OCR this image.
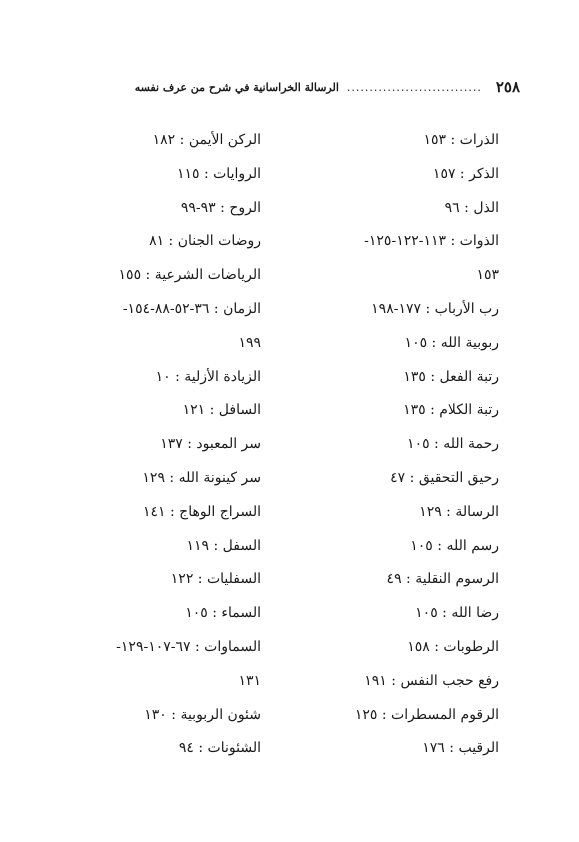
٢٥٨
..............................
الرسالة الخراسانية في شرح من عرف نفسه
الذرات : ١٥٣
الذكر : ١٥٧
الذل : ٩٦
الذوات : ١١٣-١٢٢-١٢٥-
١٥٣
رب الأرباب : ١٧٧-١٩٨
ربوبية الله : ١٠٥
رتبة الفعل : ١٣٥
رتبة الكلام : ١٣٥
رحمة الله : ١٠٥
رحيق التحقيق : ٤٧
الرسالة : ١٢٩
رسم الله : ١٠٥
الرسوم النقلية : ٤٩
رضا الله : ١٠٥
الرطوبات : ١٥٨
رفع حجب النفس : ١٩١
الرقوم المسطرات : ١٢٥
الرقيب : ١٧٦
الركن الأيمن : ١٨٢
الروايات : ١١٥
الروح : ٩٣-٩٩
روضات الجنان : ٨١
الرياضات الشرعية : ١٥٥
الزمان : ٣٦-٥٢-٨٨-١٥٤-
١٩٩
الزيادة الأزلية : ١٠
السافل : ١٢١
سر المعبود : ١٣٧
سر كينونة الله : ١٢٩
السراج الوهاج : ١٤١
السفل : ١١٩
السفليات : ١٢٢
السماء : ١٠٥
السماوات : ٦٧-١٠٧-١٢٩-
١٣١
شئون الربوبية : ١٣٠
الشئونات : ٩٤
